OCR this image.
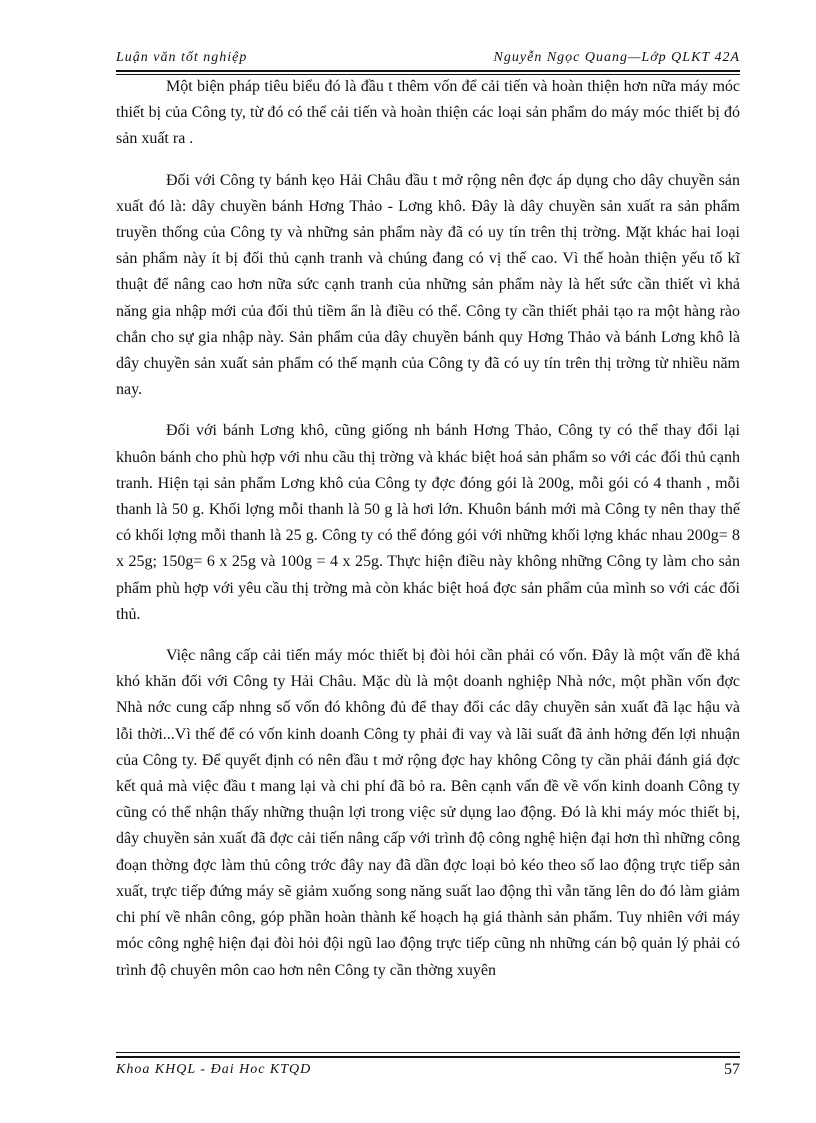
Luận văn tốt nghiệp	Nguyễn Ngọc Quang—Lớp QLKT 42A

Một biện pháp tiêu biểu đó là đầu t thêm vốn để cải tiến và hoàn thiện hơn nữa máy móc thiết bị của Công ty, từ đó có thể cải tiến và hoàn thiện các loại sản phẩm do máy móc thiết bị đó sản xuất ra .

Đối với Công ty bánh kẹo Hải Châu đầu t mở rộng nên đợc áp dụng cho dây chuyền sản xuất đó là: dây chuyền bánh Hơng Thảo - Lơng khô. Đây là dây chuyền sản xuất ra sản phẩm truyền thống của Công ty và những sản phẩm này đã có uy tín trên thị trờng. Mặt khác hai loại sản phẩm này ít bị đối thủ cạnh tranh và chúng đang có vị thế cao. Vì thế hoàn thiện yếu tố kĩ thuật để nâng cao hơn nữa sức cạnh tranh của những sản phẩm này là hết sức cần thiết vì khả năng gia nhập mới của đối thủ tiềm ẩn là điều có thể. Công ty cần thiết phải tạo ra một hàng rào chắn cho sự gia nhập này. Sản phẩm của dây chuyền bánh quy Hơng Thảo và bánh Lơng khô là dây chuyền sản xuất sản phẩm có thế mạnh của Công ty đã có uy tín trên thị trờng từ nhiều năm nay.

Đối với bánh Lơng khô, cũng giống nh bánh Hơng Thảo, Công ty có thể thay đổi lại khuôn bánh cho phù hợp với nhu cầu thị trờng và khác biệt hoá sản phẩm so với các đối thủ cạnh tranh. Hiện tại sản phẩm Lơng khô của Công ty đợc đóng gói là 200g, mỗi gói có 4 thanh , mỗi thanh là 50 g. Khối lợng mỗi thanh là 50 g là hơi lớn. Khuôn bánh mới mà Công ty nên thay thế có khối lợng mỗi thanh là 25 g. Công ty có thể đóng gói với những khối lợng khác nhau 200g= 8 x 25g; 150g= 6 x 25g và 100g = 4 x 25g. Thực hiện điều này không những Công ty làm cho sản phẩm phù hợp với yêu cầu thị trờng mà còn khác biệt hoá đợc sản phẩm của mình so với các đối thủ.

Việc nâng cấp cải tiến máy móc thiết bị đòi hỏi cần phải có vốn. Đây là một vấn đề khá khó khăn đối với Công ty Hải Châu. Mặc dù là một doanh nghiệp Nhà nớc, một phần vốn đợc Nhà nớc cung cấp nhng số vốn đó không đủ để thay đổi các dây chuyền sản xuất đã lạc hậu và lỗi thời...Vì thế để có vốn kinh doanh Công ty phải đi vay và lãi suất đã ảnh hởng đến lợi nhuận của Công ty. Để quyết định có nên đầu t mở rộng đợc hay không Công ty cần phải đánh giá đợc kết quả mà việc đầu t mang lại và chi phí đã bỏ ra. Bên cạnh vấn đề về vốn kinh doanh Công ty cũng có thể nhận thấy những thuận lợi trong việc sử dụng lao động. Đó là khi máy móc thiết bị, dây chuyền sản xuất đã đợc cải tiến nâng cấp với trình độ công nghệ hiện đại hơn thì những công đoạn thờng đợc làm thủ công trớc đây nay đã dần đợc loại bỏ kéo theo số lao động trực tiếp sản xuất, trực tiếp đứng máy sẽ giảm xuống song năng suất lao động thì vẫn tăng lên do đó làm giảm chi phí về nhân công, góp phần hoàn thành kế hoạch hạ giá thành sản phẩm. Tuy nhiên với máy móc công nghệ hiện đại đòi hỏi đội ngũ lao động trực tiếp cũng nh những cán bộ quản lý phải có trình độ chuyên môn cao hơn nên Công ty cần thờng xuyên

Khoa KHQL - Đai Hoc KTQD	57
